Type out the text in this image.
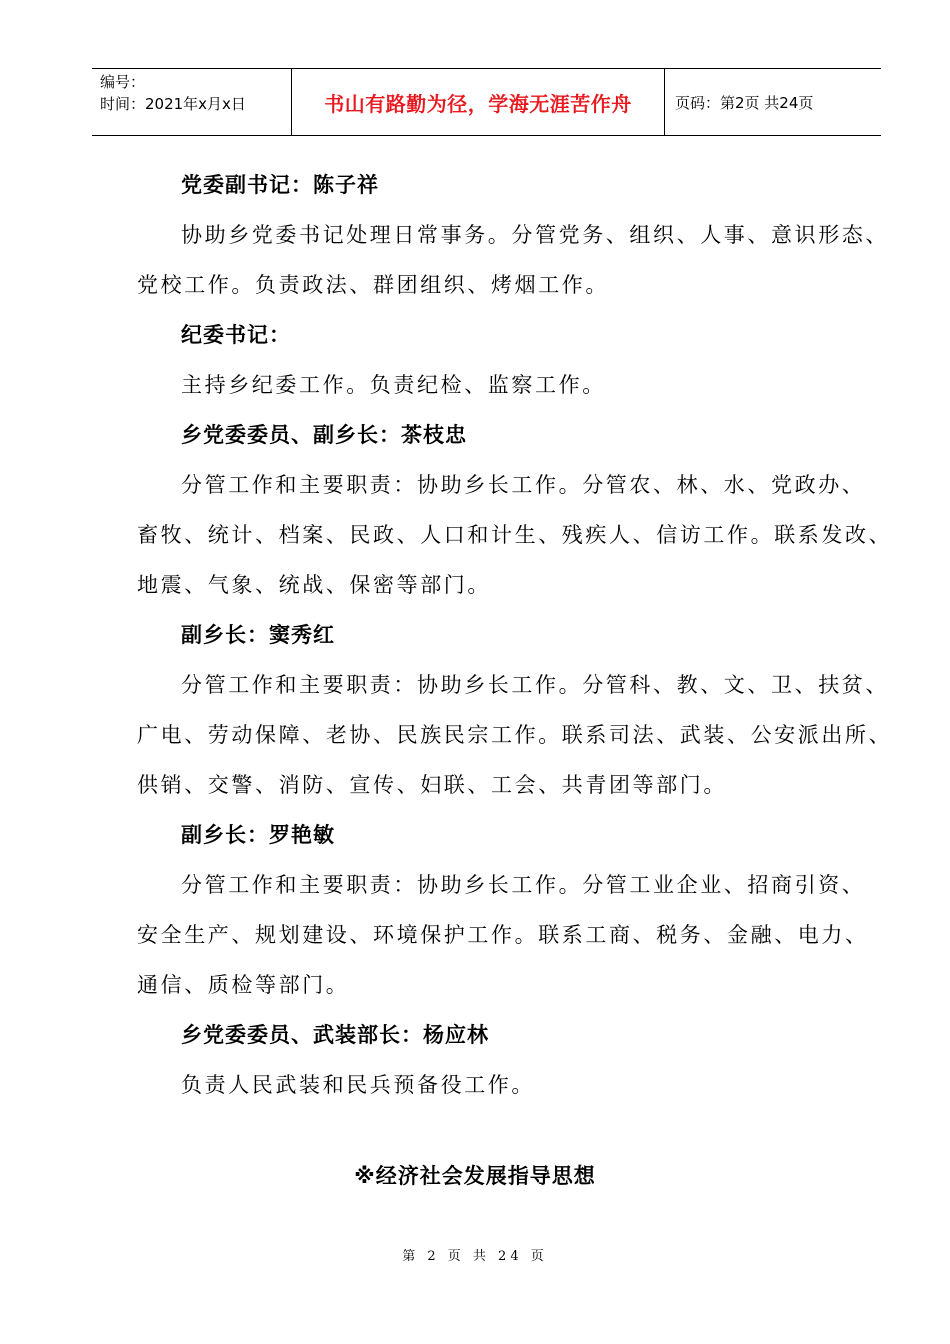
编号：
时间：2021年x月x日	书山有路勤为径，学海无涯苦作舟	页码：第2页 共24页
党委副书记：陈子祥
协助乡党委书记处理日常事务。分管党务、组织、人事、意识形态、
党校工作。负责政法、群团组织、烤烟工作。
纪委书记：
主持乡纪委工作。负责纪检、监察工作。
乡党委委员、副乡长：茶枝忠
分管工作和主要职责：协助乡长工作。分管农、林、水、党政办、
畜牧、统计、档案、民政、人口和计生、残疾人、信访工作。联系发改、
地震、气象、统战、保密等部门。
副乡长：窦秀红
分管工作和主要职责：协助乡长工作。分管科、教、文、卫、扶贫、
广电、劳动保障、老协、民族民宗工作。联系司法、武装、公安派出所、
供销、交警、消防、宣传、妇联、工会、共青团等部门。
副乡长：罗艳敏
分管工作和主要职责：协助乡长工作。分管工业企业、招商引资、
安全生产、规划建设、环境保护工作。联系工商、税务、金融、电力、
通信、质检等部门。
乡党委委员、武装部长：杨应林
负责人民武装和民兵预备役工作。
※经济社会发展指导思想
第 2 页 共 24 页
